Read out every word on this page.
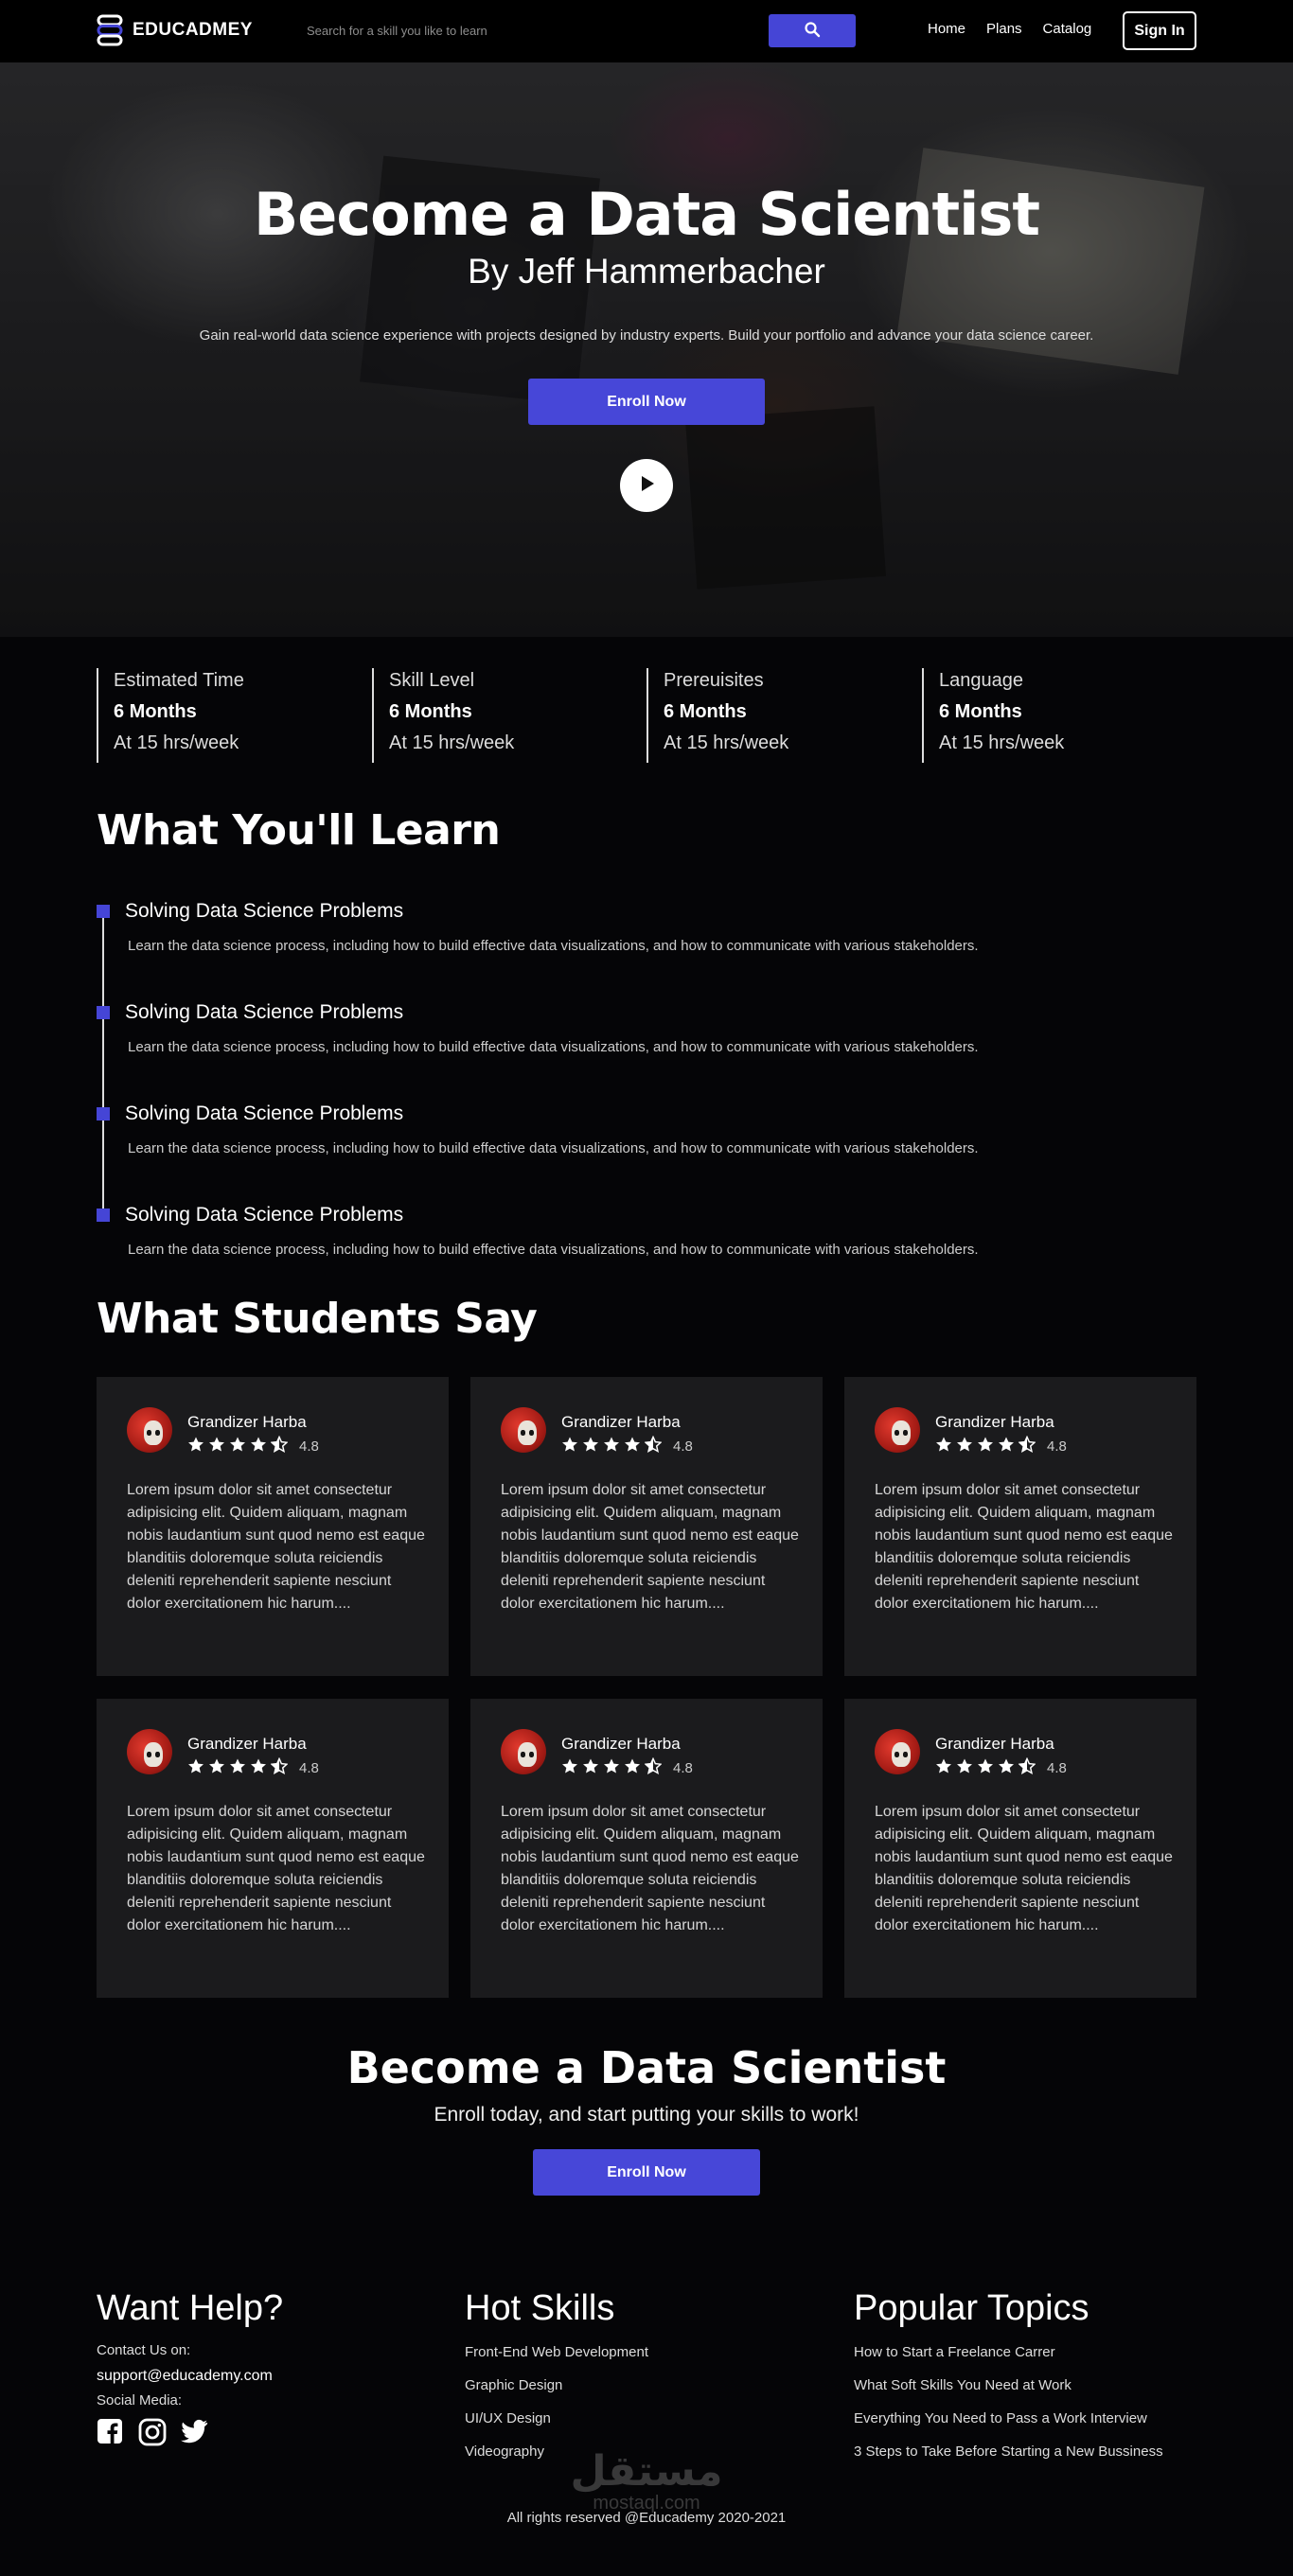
EDUCADMEY
Search for a skill you like to learn	Home Plans Catalog	Sign In
Become a Data Scientist
By Jeff Hammerbacher

Gain real-world data science experience with projects designed by industry experts. Build your portfolio and advance your data science career.

Enroll Now
Estimated Time
6 Months
At 15 hrs/week
Skill Level
6 Months
At 15 hrs/week
Prereuisites
6 Months
At 15 hrs/week
Language
6 Months
At 15 hrs/week
What You'll Learn
Solving Data Science Problems
Learn the data science process, including how to build effective data visualizations, and how to communicate with various stakeholders.
Solving Data Science Problems
Learn the data science process, including how to build effective data visualizations, and how to communicate with various stakeholders.
Solving Data Science Problems
Learn the data science process, including how to build effective data visualizations, and how to communicate with various stakeholders.
Solving Data Science Problems
Learn the data science process, including how to build effective data visualizations, and how to communicate with various stakeholders.
What Students Say
Grandizer Harba
4.8

Lorem ipsum dolor sit amet consectetur adipisicing elit. Quidem aliquam, magnam nobis laudantium sunt quod nemo est eaque blanditiis doloremque soluta reiciendis deleniti reprehenderit sapiente nesciunt dolor exercitationem hic harum....

Grandizer Harba
4.8

Lorem ipsum dolor sit amet consectetur adipisicing elit. Quidem aliquam, magnam nobis laudantium sunt quod nemo est eaque blanditiis doloremque soluta reiciendis deleniti reprehenderit sapiente nesciunt dolor exercitationem hic harum....

Grandizer Harba
4.8

Lorem ipsum dolor sit amet consectetur adipisicing elit. Quidem aliquam, magnam nobis laudantium sunt quod nemo est eaque blanditiis doloremque soluta reiciendis deleniti reprehenderit sapiente nesciunt dolor exercitationem hic harum....

Grandizer Harba
4.8

Lorem ipsum dolor sit amet consectetur adipisicing elit. Quidem aliquam, magnam nobis laudantium sunt quod nemo est eaque blanditiis doloremque soluta reiciendis deleniti reprehenderit sapiente nesciunt dolor exercitationem hic harum....

Grandizer Harba
4.8

Lorem ipsum dolor sit amet consectetur adipisicing elit. Quidem aliquam, magnam nobis laudantium sunt quod nemo est eaque blanditiis doloremque soluta reiciendis deleniti reprehenderit sapiente nesciunt dolor exercitationem hic harum....

Grandizer Harba
4.8

Lorem ipsum dolor sit amet consectetur adipisicing elit. Quidem aliquam, magnam nobis laudantium sunt quod nemo est eaque blanditiis doloremque soluta reiciendis deleniti reprehenderit sapiente nesciunt dolor exercitationem hic harum....

Become a Data Scientist

Enroll today, and start putting your skills to work!

Enroll Now
Want Help?
Contact Us on:
support@educademy.com
Social Media:
Hot Skills
Front-End Web Development
Graphic Design
UI/UX Design
Videography
Popular Topics
How to Start a Freelance Carrer
What Soft Skills You Need at Work
Everything You Need to Pass a Work Interview
3 Steps to Take Before Starting a New Bussiness
مستقل
mostaql.com

All rights reserved @Educademy 2020-2021
